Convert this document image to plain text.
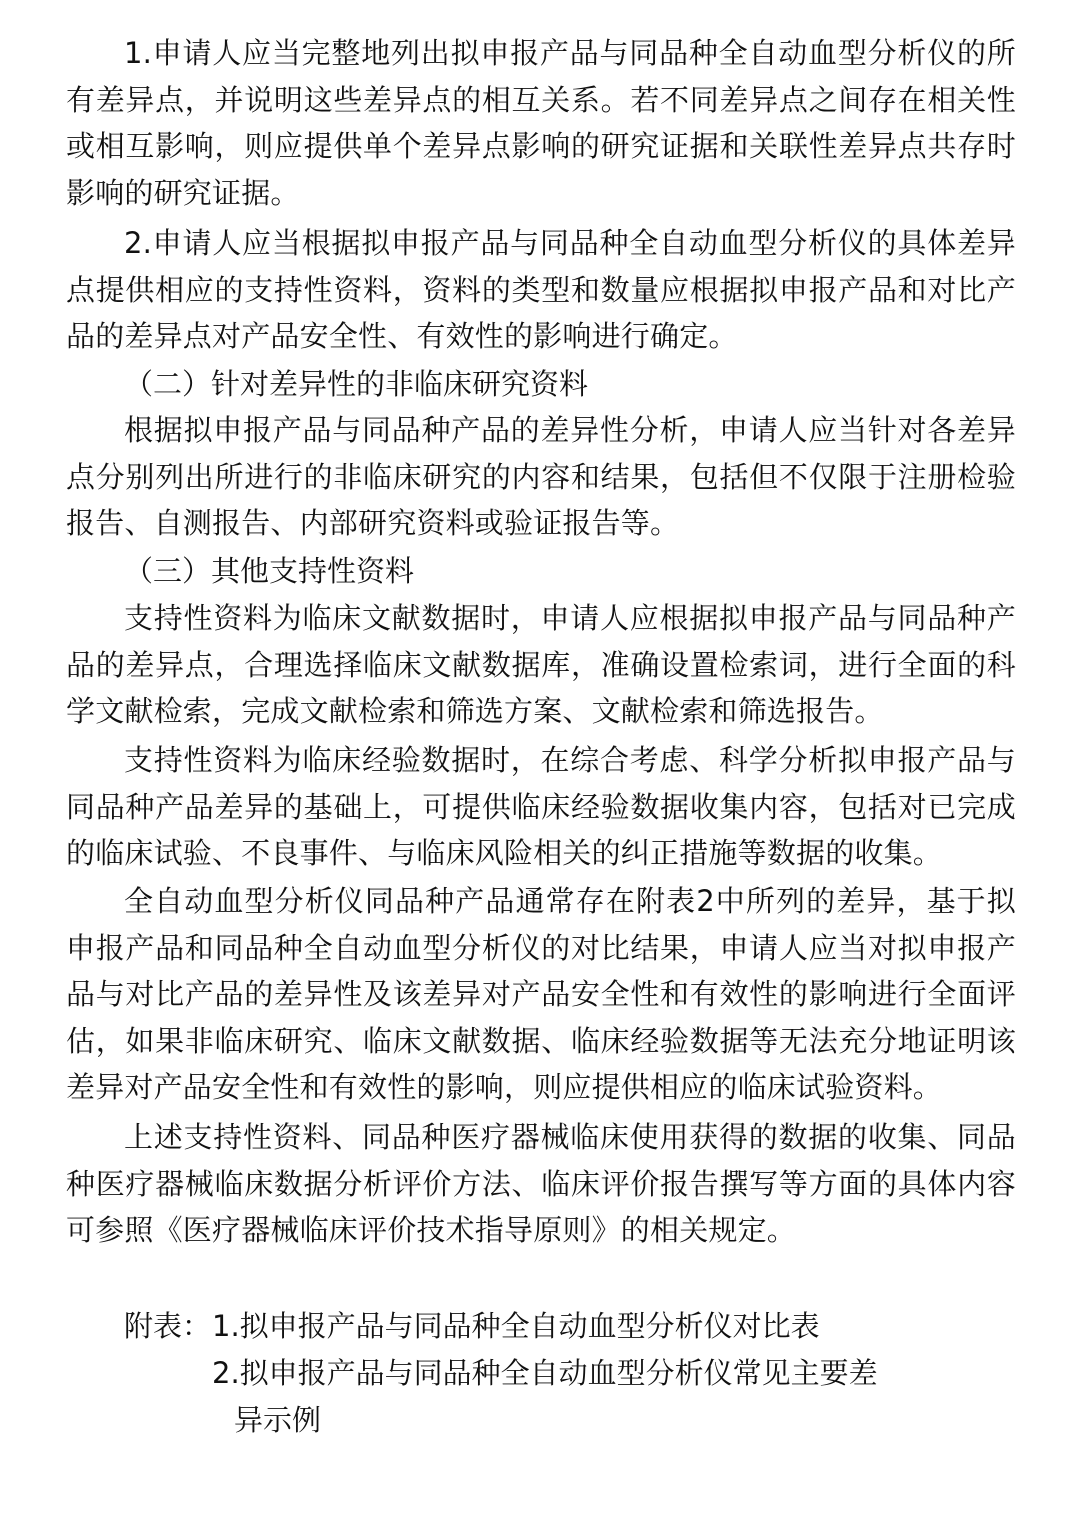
1.申请人应当完整地列出拟申报产品与同品种全自动血型分析仪的所有差异点，并说明这些差异点的相互关系。若不同差异点之间存在相关性或相互影响，则应提供单个差异点影响的研究证据和关联性差异点共存时影响的研究证据。

2.申请人应当根据拟申报产品与同品种全自动血型分析仪的具体差异点提供相应的支持性资料，资料的类型和数量应根据拟申报产品和对比产品的差异点对产品安全性、有效性的影响进行确定。

（二）针对差异性的非临床研究资料

根据拟申报产品与同品种产品的差异性分析，申请人应当针对各差异点分别列出所进行的非临床研究的内容和结果，包括但不仅限于注册检验报告、自测报告、内部研究资料或验证报告等。

（三）其他支持性资料

支持性资料为临床文献数据时，申请人应根据拟申报产品与同品种产品的差异点，合理选择临床文献数据库，准确设置检索词，进行全面的科学文献检索，完成文献检索和筛选方案、文献检索和筛选报告。

支持性资料为临床经验数据时，在综合考虑、科学分析拟申报产品与同品种产品差异的基础上，可提供临床经验数据收集内容，包括对已完成的临床试验、不良事件、与临床风险相关的纠正措施等数据的收集。

全自动血型分析仪同品种产品通常存在附表2中所列的差异，基于拟申报产品和同品种全自动血型分析仪的对比结果，申请人应当对拟申报产品与对比产品的差异性及该差异对产品安全性和有效性的影响进行全面评估，如果非临床研究、临床文献数据、临床经验数据等无法充分地证明该差异对产品安全性和有效性的影响，则应提供相应的临床试验资料。

上述支持性资料、同品种医疗器械临床使用获得的数据的收集、同品种医疗器械临床数据分析评价方法、临床评价报告撰写等方面的具体内容可参照《医疗器械临床评价技术指导原则》的相关规定。

附表： 1.拟申报产品与同品种全自动血型分析仪对比表
2.拟申报产品与同品种全自动血型分析仪常见主要差
异示例
